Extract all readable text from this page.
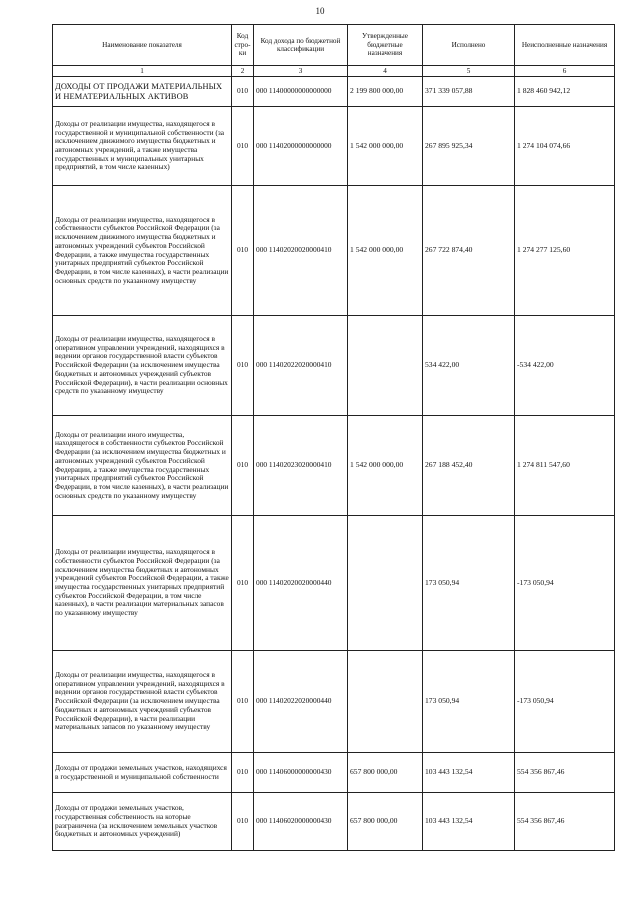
10
Наименование показателя	Код стро-ки	Код дохода по бюджетной классификации	Утвержденные бюджетные назначения	Исполнено	Неисполненные назначения
1	2	3	4	5	6
ДОХОДЫ ОТ ПРОДАЖИ МАТЕРИАЛЬНЫХ И НЕМАТЕРИАЛЬНЫХ АКТИВОВ	010	000 11400000000000000	2 199 800 000,00	371 339 057,88	1 828 460 942,12
Доходы от реализации имущества, находящегося в государственной и муниципальной собственности (за исключением движимого имущества бюджетных и автономных учреждений, а также имущества государственных и муниципальных унитарных предприятий, в том числе казенных)	010	000 11402000000000000	1 542 000 000,00	267 895 925,34	1 274 104 074,66
Доходы от реализации имущества, находящегося в собственности субъектов Российской Федерации (за исключением движимого имущества бюджетных и автономных учреждений субъектов Российской Федерации, а также имущества государственных унитарных предприятий субъектов Российской Федерации, в том числе казенных), в части реализации основных средств по указанному имуществу	010	000 11402020020000410	1 542 000 000,00	267 722 874,40	1 274 277 125,60
Доходы от реализации имущества, находящегося в оперативном управлении учреждений, находящихся в ведении органов государственной власти субъектов Российской Федерации (за исключением имущества бюджетных и автономных учреждений субъектов Российской Федерации), в части реализации основных средств по указанному имуществу	010	000 11402022020000410		534 422,00	-534 422,00
Доходы от реализации иного имущества, находящегося в собственности субъектов Российской Федерации (за исключением имущества бюджетных и автономных учреждений субъектов Российской Федерации, а также имущества государственных унитарных предприятий субъектов Российской Федерации, в том числе казенных), в части реализации основных средств по указанному имуществу	010	000 11402023020000410	1 542 000 000,00	267 188 452,40	1 274 811 547,60
Доходы от реализации имущества, находящегося в собственности субъектов Российской Федерации (за исключением имущества бюджетных и автономных учреждений субъектов Российской Федерации, а также имущества государственных унитарных предприятий субъектов Российской Федерации, в том числе казенных), в части реализации материальных запасов по указанному имуществу	010	000 11402020020000440		173 050,94	-173 050,94
Доходы от реализации имущества, находящегося в оперативном управлении учреждений, находящихся в ведении органов государственной власти субъектов Российской Федерации (за исключением имущества бюджетных и автономных учреждений субъектов Российской Федерации), в части реализации материальных запасов по указанному имуществу	010	000 11402022020000440		173 050,94	-173 050,94
Доходы от продажи земельных участков, находящихся в государственной и муниципальной собственности	010	000 11406000000000430	657 800 000,00	103 443 132,54	554 356 867,46
Доходы от продажи земельных участков, государственная собственность на которые разграничена (за исключением земельных участков бюджетных и автономных учреждений)	010	000 11406020000000430	657 800 000,00	103 443 132,54	554 356 867,46
